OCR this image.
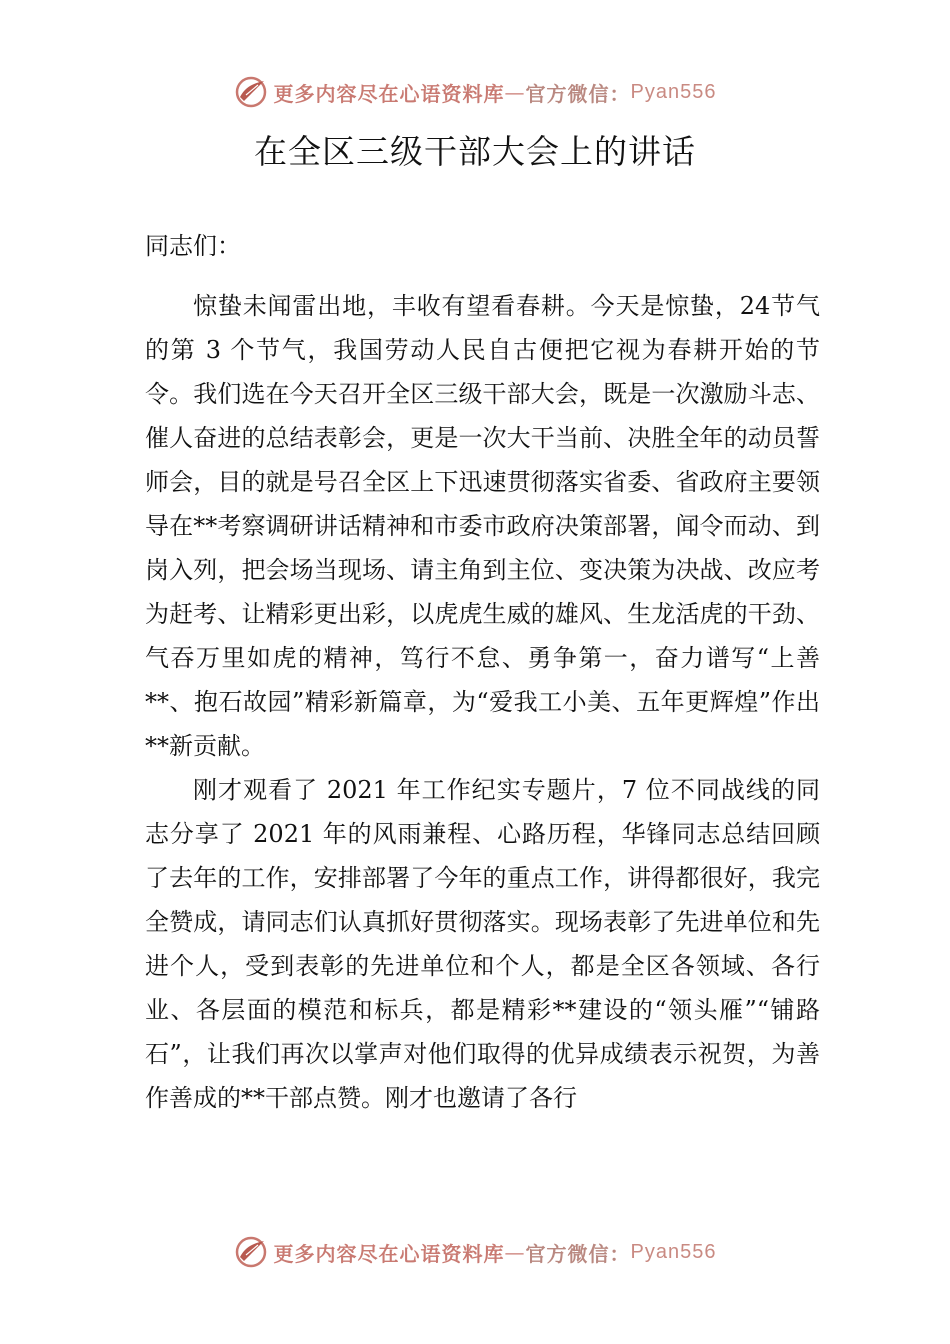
更多内容尽在心语资料库 — 官方微信： Pyan556
在全区三级干部大会上的讲话

同志们：

惊蛰未闻雷出地，丰收有望看春耕。今天是惊蛰，24节气的第 3 个节气，我国劳动人民自古便把它视为春耕开始的节令。我们选在今天召开全区三级干部大会，既是一次激励斗志、催人奋进的总结表彰会，更是一次大干当前、决胜全年的动员誓师会，目的就是号召全区上下迅速贯彻落实省委、省政府主要领导在**考察调研讲话精神和市委市政府决策部署，闻令而动、到岗入列，把会场当现场、请主角到主位、变决策为决战、改应考为赶考、让精彩更出彩，以虎虎生威的雄风、生龙活虎的干劲、气吞万里如虎的精神，笃行不怠、勇争第一，奋力谱写“上善**、抱石故园”精彩新篇章，为“爱我工小美、五年更辉煌”作出**新贡献。

刚才观看了 2021 年工作纪实专题片，7 位不同战线的同志分享了 2021 年的风雨兼程、心路历程，华锋同志总结回顾了去年的工作，安排部署了今年的重点工作，讲得都很好，我完全赞成，请同志们认真抓好贯彻落实。现场表彰了先进单位和先进个人，受到表彰的先进单位和个人，都是全区各领域、各行业、各层面的模范和标兵，都是精彩**建设的“领头雁”“铺路石”，让我们再次以掌声对他们取得的优异成绩表示祝贺，为善作善成的**干部点赞。刚才也邀请了各行

更多内容尽在心语资料库 — 官方微信： Pyan556
